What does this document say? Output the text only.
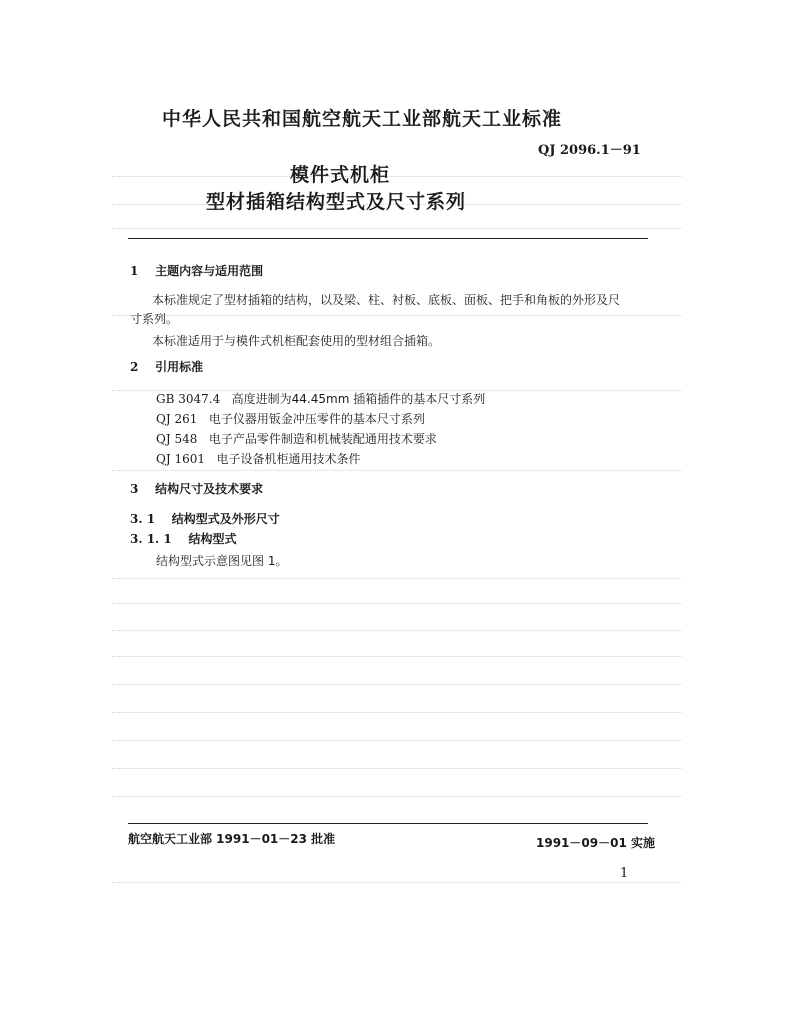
中华人民共和国航空航天工业部航天工业标准
QJ 2096.1－91
模件式机柜
型材插箱结构型式及尺寸系列
1 主题内容与适用范围
本标准规定了型材插箱的结构，以及梁、柱、衬板、底板、面板、把手和角板的外形及尺
寸系列。
本标准适用于与模件式机柜配套使用的型材组合插箱。
2 引用标准
GB 3047.4 高度进制为44.45mm 插箱插件的基本尺寸系列
QJ 261 电子仪器用钣金冲压零件的基本尺寸系列
QJ 548 电子产品零件制造和机械装配通用技术要求
QJ 1601 电子设备机柜通用技术条件
3 结构尺寸及技术要求
3. 1 结构型式及外形尺寸
3. 1. 1 结构型式
结构型式示意图见图 1。
航空航天工业部 1991－01－23 批准	1991－09－01 实施
1
